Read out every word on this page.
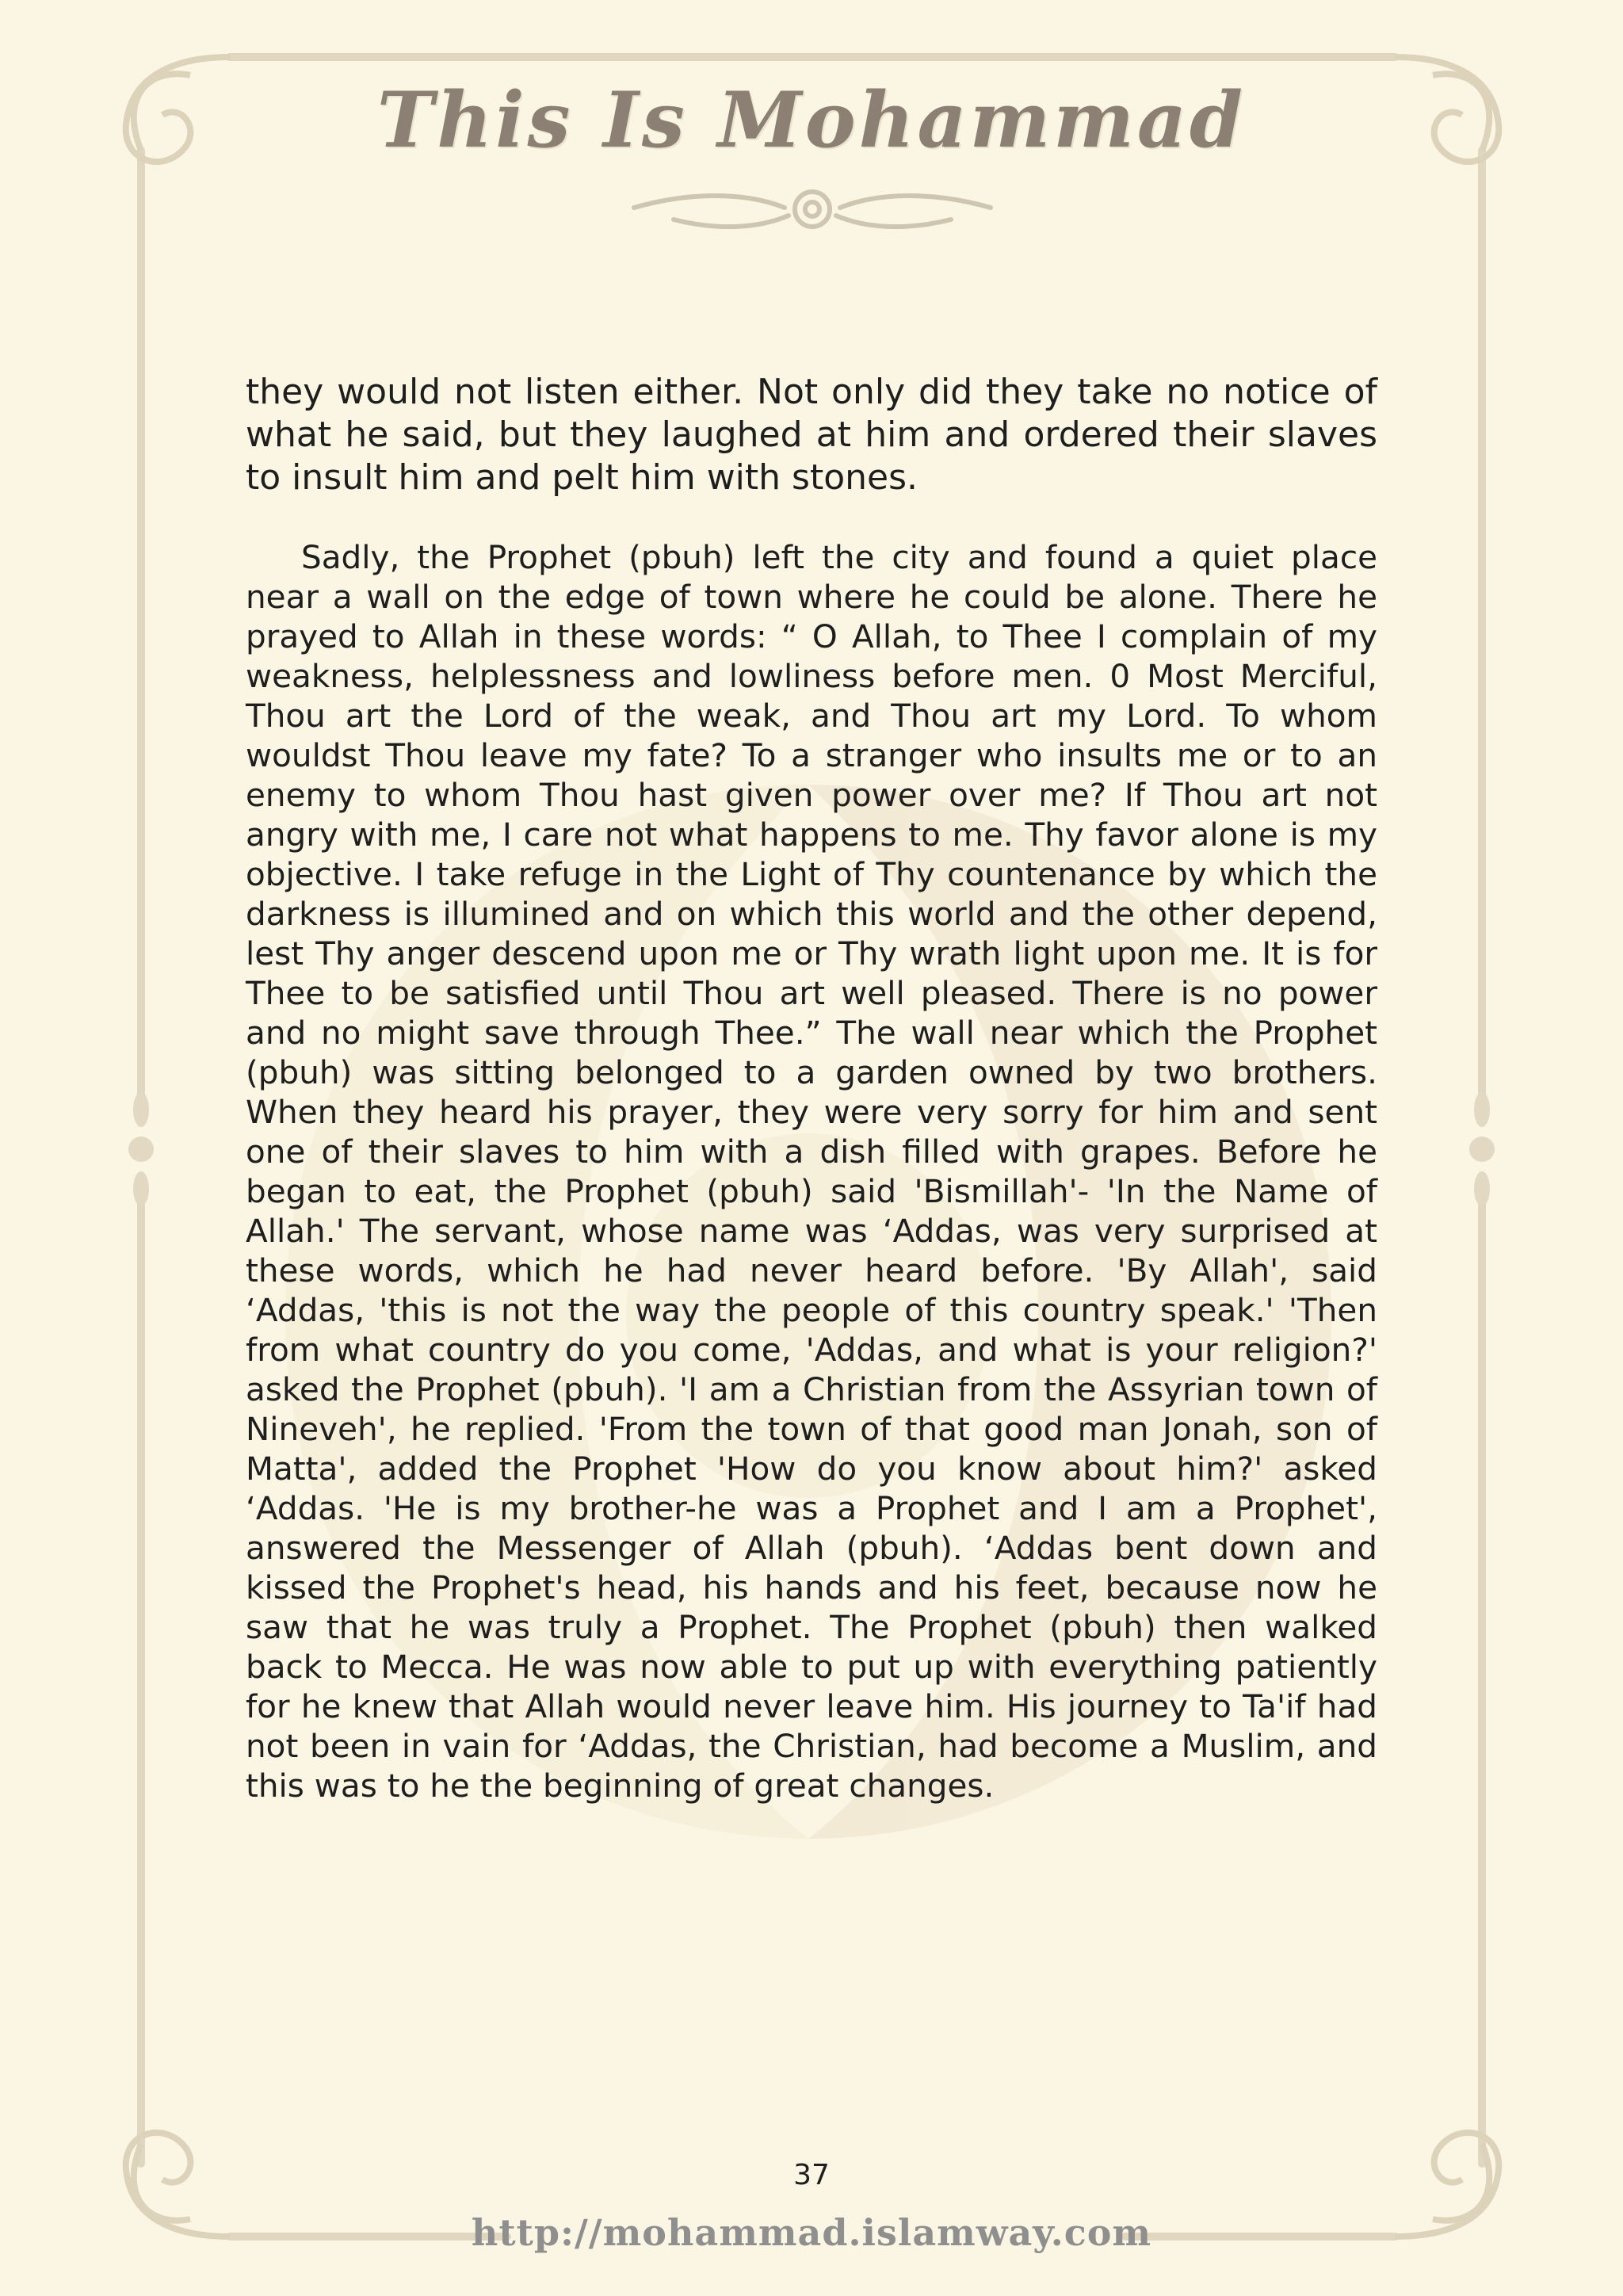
This Is Mohammad

they would not listen either. Not only did they take no notice of what he said, but they laughed at him and ordered their slaves to insult him and pelt him with stones.

Sadly, the Prophet (pbuh) left the city and found a quiet place near a wall on the edge of town where he could be alone. There he prayed to Allah in these words: “ O Allah, to Thee I complain of my weakness, helplessness and lowliness before men. 0 Most Merciful, Thou art the Lord of the weak, and Thou art my Lord. To whom wouldst Thou leave my fate? To a stranger who insults me or to an enemy to whom Thou hast given power over me? If Thou art not angry with me, I care not what happens to me. Thy favor alone is my objective. I take refuge in the Light of Thy countenance by which the darkness is illumined and on which this world and the other depend, lest Thy anger descend upon me or Thy wrath light upon me. It is for Thee to be satisfied until Thou art well pleased. There is no power and no might save through Thee.” The wall near which the Prophet (pbuh) was sitting belonged to a garden owned by two brothers. When they heard his prayer, they were very sorry for him and sent one of their slaves to him with a dish filled with grapes. Before he began to eat, the Prophet (pbuh) said 'Bismillah'- 'In the Name of Allah.' The servant, whose name was ‘Addas, was very surprised at these words, which he had never heard before. 'By Allah', said ‘Addas, 'this is not the way the people of this country speak.' 'Then from what country do you come, 'Addas, and what is your religion?' asked the Prophet (pbuh). 'I am a Christian from the Assyrian town of Nineveh', he replied. 'From the town of that good man Jonah, son of Matta', added the Prophet 'How do you know about him?' asked ‘Addas. 'He is my brother-he was a Prophet and I am a Prophet', answered the Messenger of Allah (pbuh). ‘Addas bent down and kissed the Prophet's head, his hands and his feet, because now he saw that he was truly a Prophet. The Prophet (pbuh) then walked back to Mecca. He was now able to put up with everything patiently for he knew that Allah would never leave him. His journey to Ta'if had not been in vain for ‘Addas, the Christian, had become a Muslim, and this was to he the beginning of great changes.

37
http://mohammad.islamway.com
